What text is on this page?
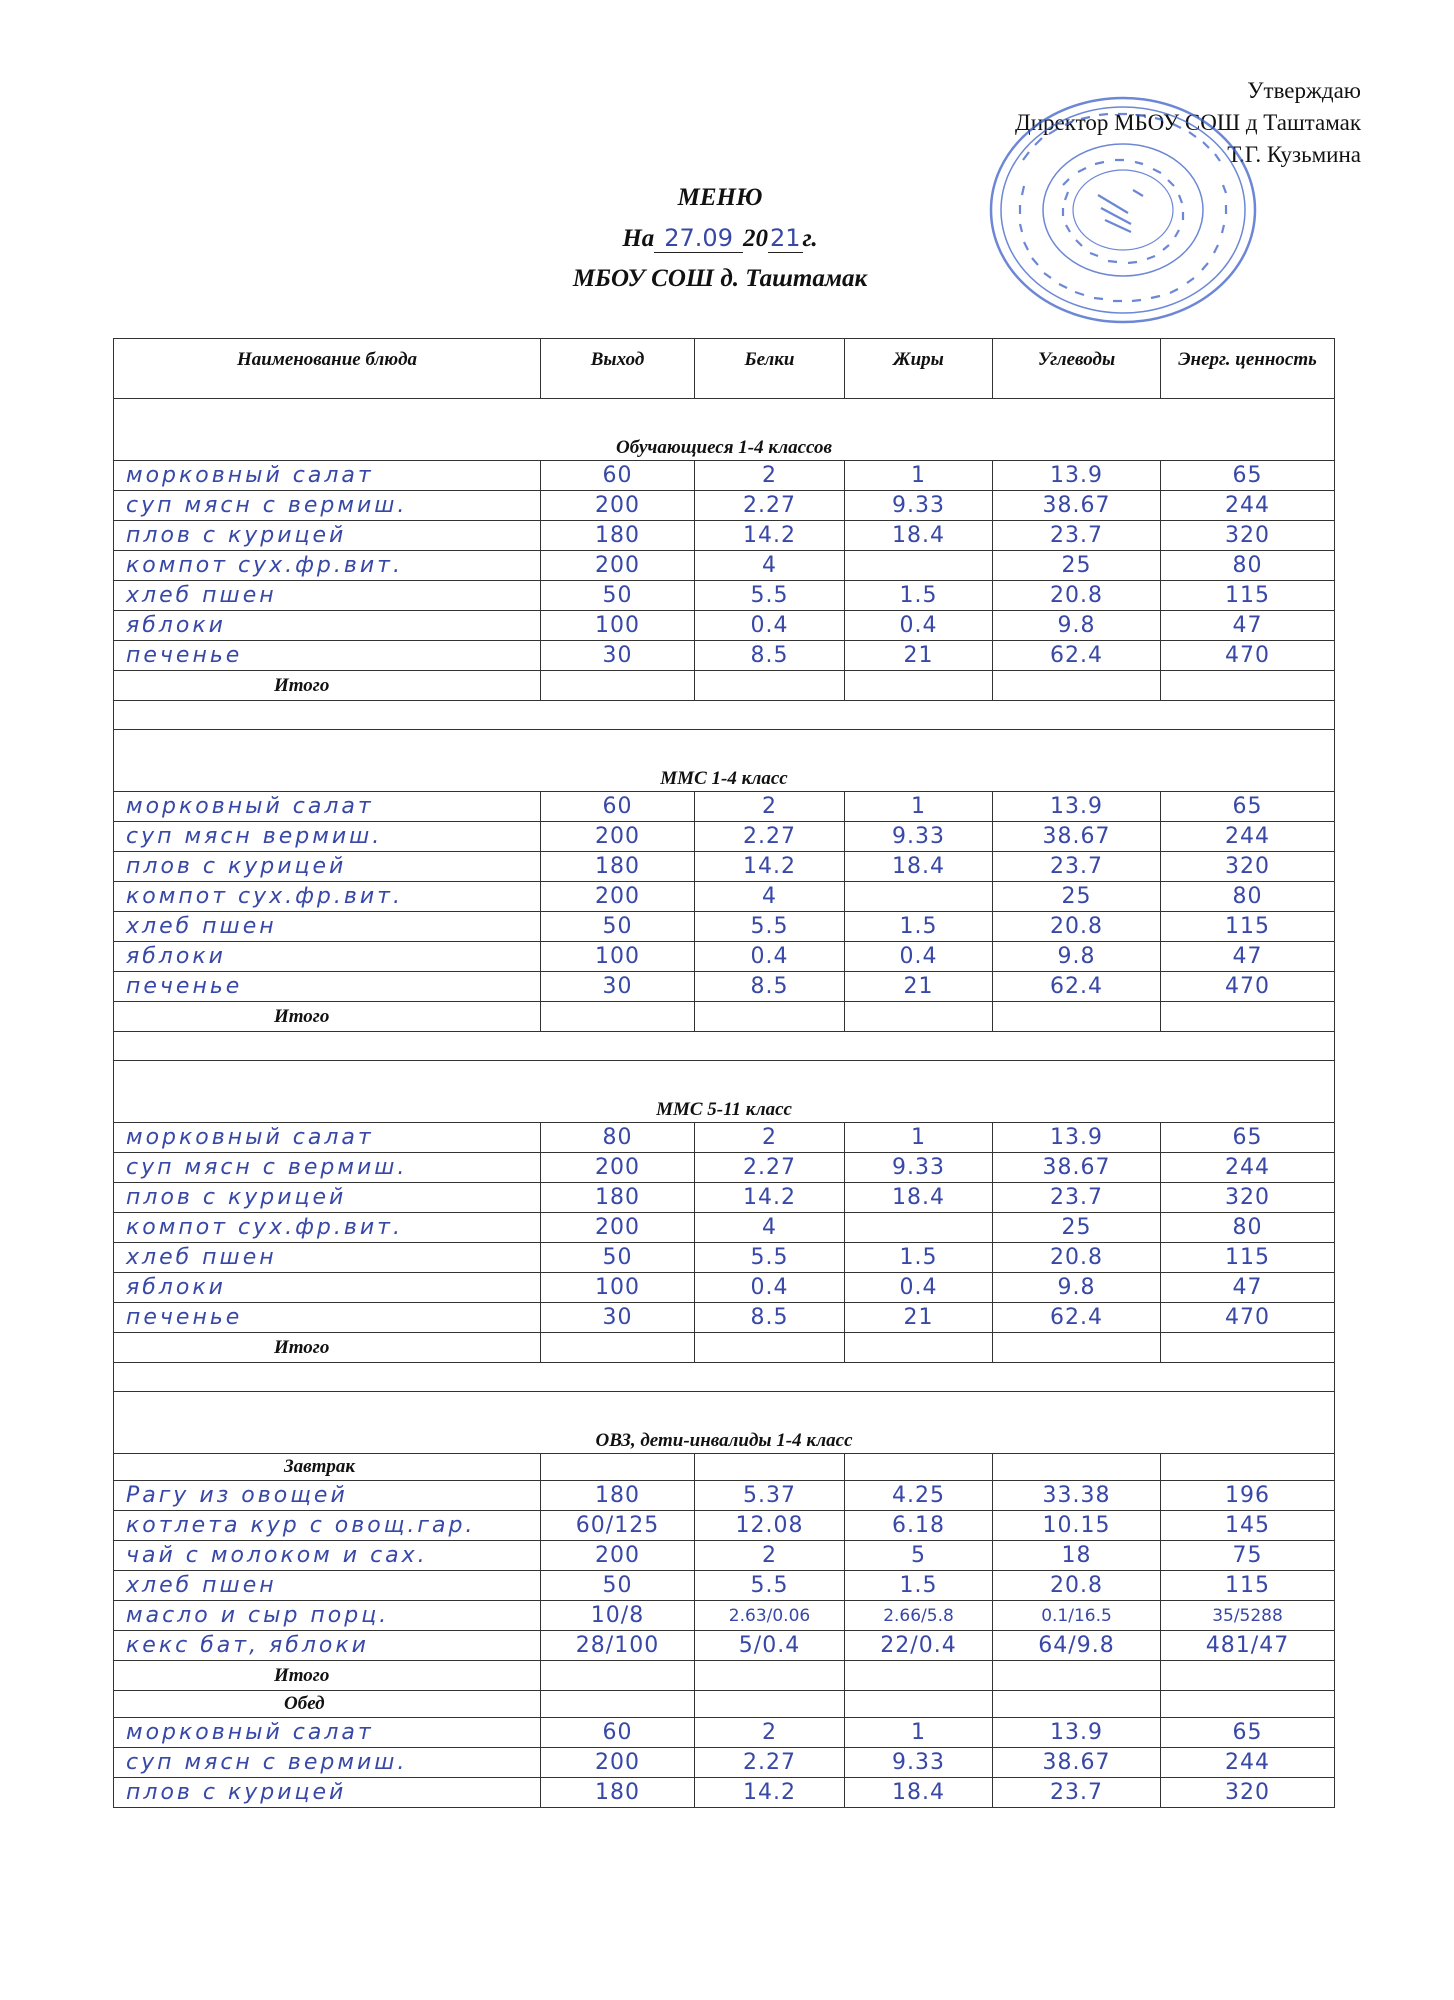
Утверждаю
Директор МБОУ СОШ д Таштамак
Т.Г. Кузьмина
МЕНЮ
На 27.09 2021г.
МБОУ СОШ д. Таштамак
Наименование блюда	Выход	Белки	Жиры	Углеводы	Энерг. ценность
Обучающиеся 1-4 классов					
морковный салат	60	2	1	13.9	65
суп мясн с вермиш.	200	2.27	9.33	38.67	244
плов с курицей	180	14.2	18.4	23.7	320
компот сух.фр.вит.	200	4		25	80
хлеб пшен	50	5.5	1.5	20.8	115
яблоки	100	0.4	0.4	9.8	47
печенье	30	8.5	21	62.4	470
Итого					

ММС 1-4 класс					
морковный салат	60	2	1	13.9	65
суп мясн вермиш.	200	2.27	9.33	38.67	244
плов с курицей	180	14.2	18.4	23.7	320
компот сух.фр.вит.	200	4		25	80
хлеб пшен	50	5.5	1.5	20.8	115
яблоки	100	0.4	0.4	9.8	47
печенье	30	8.5	21	62.4	470
Итого					

ММС 5-11 класс					
морковный салат	80	2	1	13.9	65
суп мясн с вермиш.	200	2.27	9.33	38.67	244
плов с курицей	180	14.2	18.4	23.7	320
компот сух.фр.вит.	200	4		25	80
хлеб пшен	50	5.5	1.5	20.8	115
яблоки	100	0.4	0.4	9.8	47
печенье	30	8.5	21	62.4	470
Итого					

ОВЗ, дети-инвалиды 1-4 класс					
Завтрак					
Рагу из овощей	180	5.37	4.25	33.38	196
котлета кур с овощ.гар.	60/125	12.08	6.18	10.15	145
чай с молоком и сах.	200	2	5	18	75
хлеб пшен	50	5.5	1.5	20.8	115
масло и сыр порц.	10/8	2.63/0.06	2.66/5.8	0.1/16.5	35/5288
кекс бат, яблоки	28/100	5/0.4	22/0.4	64/9.8	481/47
Итого					
Обед					
морковный салат	60	2	1	13.9	65
суп мясн с вермиш.	200	2.27	9.33	38.67	244
плов с курицей	180	14.2	18.4	23.7	320
